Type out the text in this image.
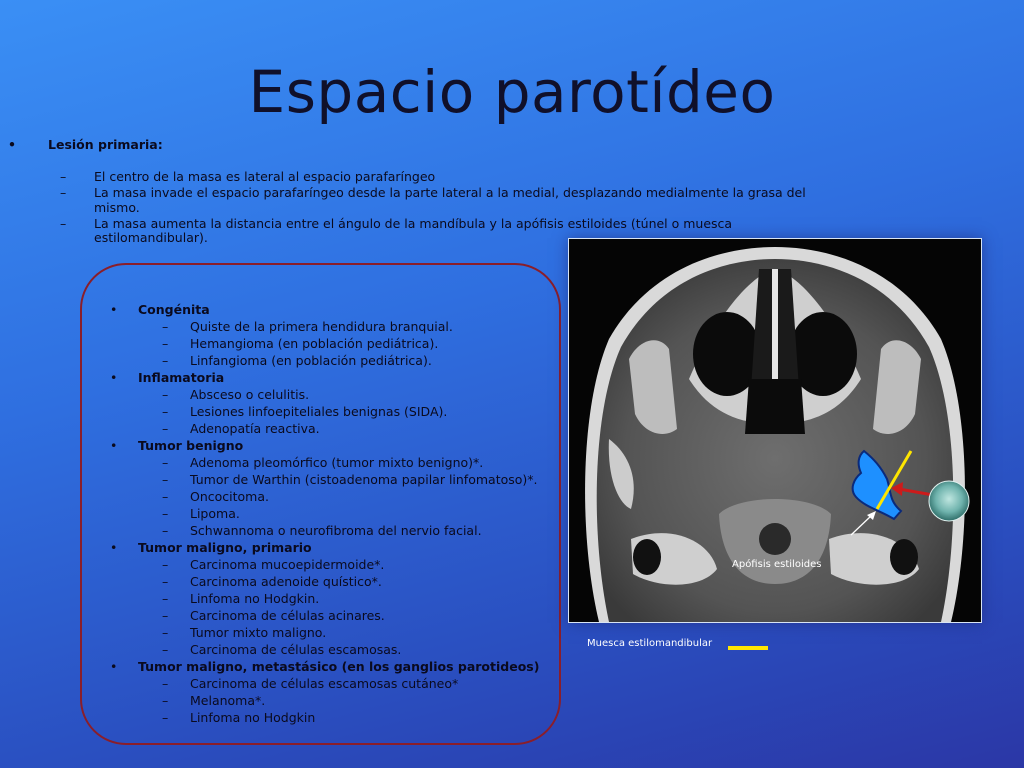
Espacio parotídeo
•	Lesión primaria:
–	El centro de la masa es lateral al espacio parafaríngeo
–	La masa invade el espacio parafaríngeo desde la parte lateral a la medial, desplazando medialmente la grasa del mismo.
–	La masa aumenta la distancia entre el ángulo de la mandíbula y la apófisis estiloides (túnel o muesca estilomandibular).
•	Congénita
–	Quiste de la primera hendidura branquial.
–	Hemangioma (en población pediátrica).
–	Linfangioma (en población pediátrica).
•	Inflamatoria
–	Absceso o celulitis.
–	Lesiones linfoepiteliales benignas (SIDA).
–	Adenopatía reactiva.
•	Tumor benigno
–	Adenoma pleomórfico (tumor mixto benigno)*.
–	Tumor de Warthin (cistoadenoma papilar linfomatoso)*.
–	Oncocitoma.
–	Lipoma.
–	Schwannoma o neurofibroma del nervio facial.
•	Tumor maligno, primario
–	Carcinoma mucoepidermoide*.
–	Carcinoma adenoide quístico*.
–	Linfoma no Hodgkin.
–	Carcinoma de células acinares.
–	Tumor mixto maligno.
–	Carcinoma de células escamosas.
•	Tumor maligno, metastásico (en los ganglios parotideos)
–	Carcinoma de células escamosas cutáneo*
–	Melanoma*.
–	Linfoma no Hodgkin
Apófisis estiloides
Muesca estilomandibular
